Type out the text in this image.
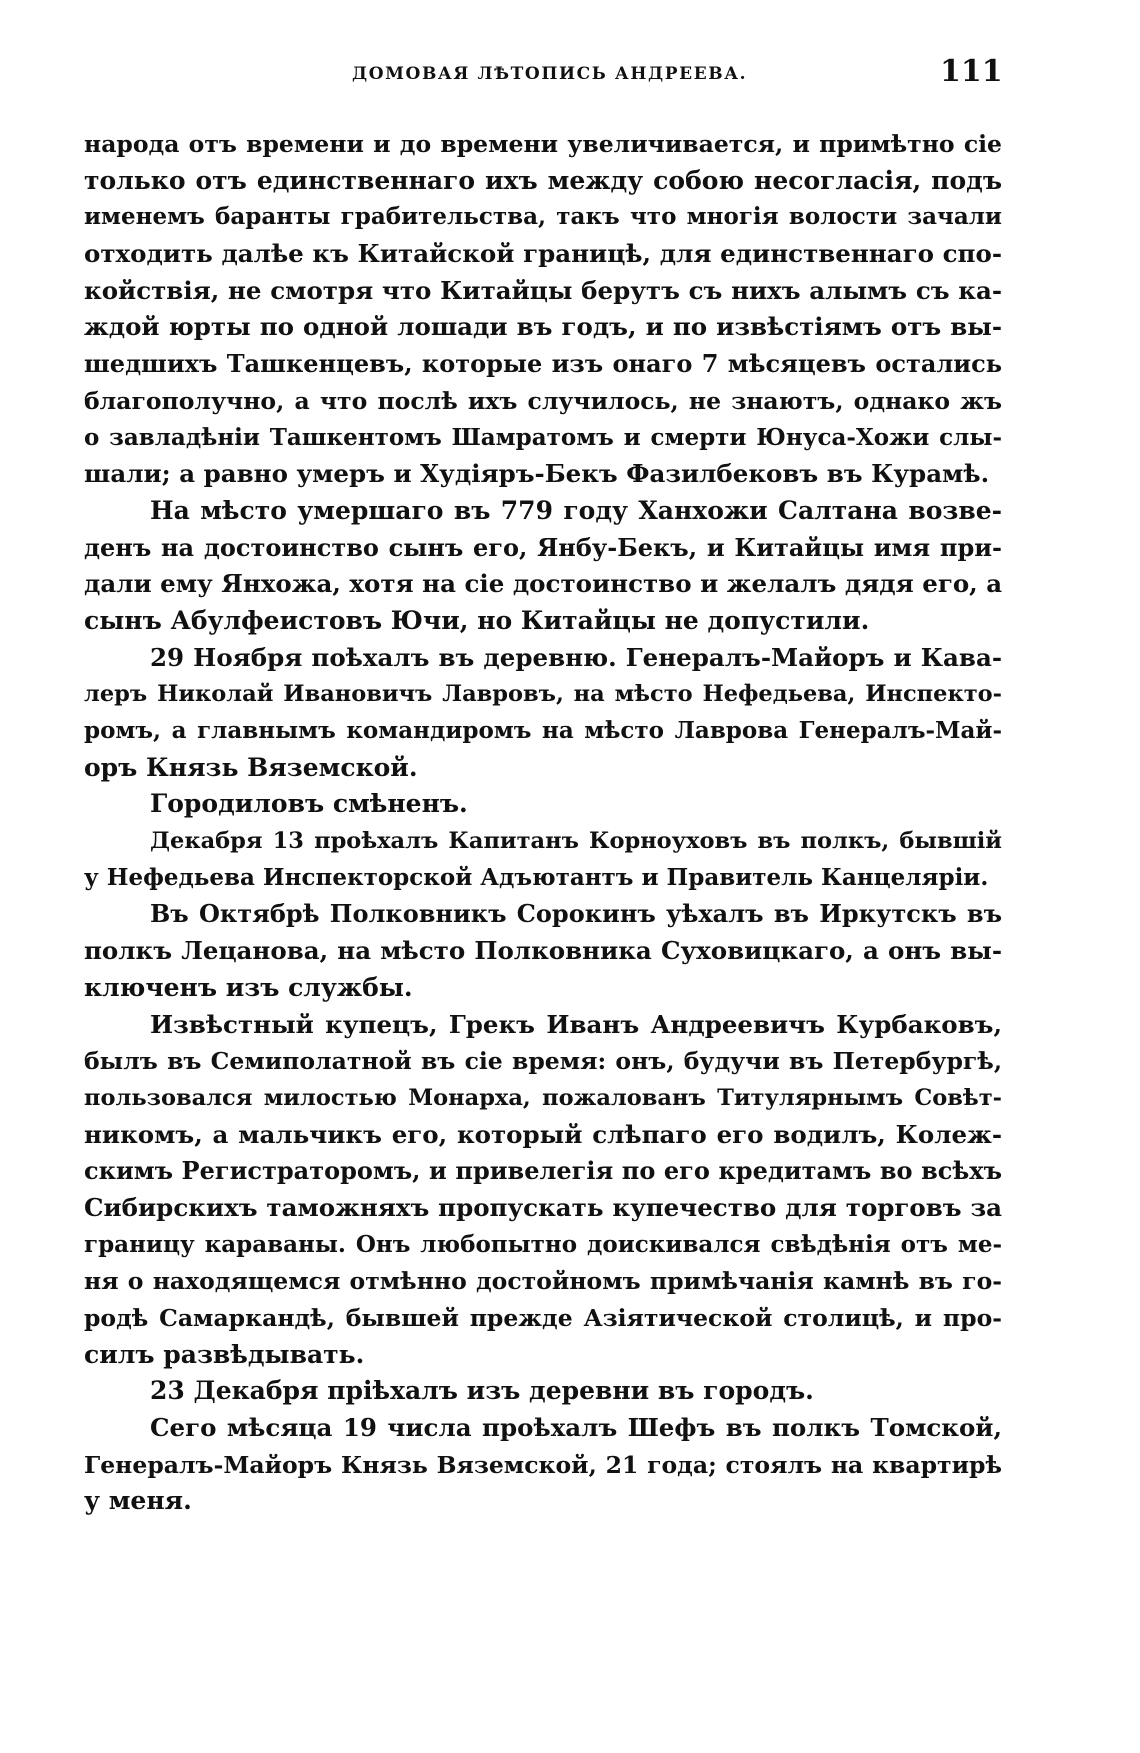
ДОМОВАЯ ЛѢТОПИСЬ АНДРЕЕВА.	111
народа отъ времени и до времени увеличивается, и примѣтно сіе
только отъ единственнаго ихъ между собою несогласія, подъ
именемъ баранты грабительства, такъ что многія волости зачали
отходить далѣе къ Китайской границѣ, для единственнаго спо-
койствія, не смотря что Китайцы берутъ съ нихъ алымъ съ ка-
ждой юрты по одной лошади въ годъ, и по извѣстіямъ отъ вы-
шедшихъ Ташкенцевъ, которые изъ онаго 7 мѣсяцевъ остались
благополучно, а что послѣ ихъ случилось, не знаютъ, однако жъ
о завладѣніи Ташкентомъ Шамратомъ и смерти Юнуса-Хожи слы-
шали; а равно умеръ и Худіяръ-Бекъ Фазилбековъ въ Курамѣ.
На мѣсто умершаго въ 779 году Ханхожи Салтана возве-
денъ на достоинство сынъ его, Янбу-Бекъ, и Китайцы имя при-
дали ему Янхожа, хотя на сіе достоинство и желалъ дядя его, а
сынъ Абулфеистовъ Ючи, но Китайцы не допустили.
29 Ноября поѣхалъ въ деревню. Генералъ-Майоръ и Кава-
леръ Николай Ивановичъ Лавровъ, на мѣсто Нефедьева, Инспекто-
ромъ, а главнымъ командиромъ на мѣсто Лаврова Генералъ-Май-
оръ Князь Вяземской.
Городиловъ смѣненъ.
Декабря 13 проѣхалъ Капитанъ Корноуховъ въ полкъ, бывшій
у Нефедьева Инспекторской Адъютантъ и Правитель Канцеляріи.
Въ Октябрѣ Полковникъ Сорокинъ уѣхалъ въ Иркутскъ въ
полкъ Лецанова, на мѣсто Полковника Суховицкаго, а онъ вы-
ключенъ изъ службы.
Извѣстный купецъ, Грекъ Иванъ Андреевичъ Курбаковъ,
былъ въ Семиполатной въ сіе время: онъ, будучи въ Петербургѣ,
пользовался милостью Монарха, пожалованъ Титулярнымъ Совѣт-
никомъ, а мальчикъ его, который слѣпаго его водилъ, Колеж-
скимъ Регистраторомъ, и привелегія по его кредитамъ во всѣхъ
Сибирскихъ таможняхъ пропускать купечество для торговъ за
границу караваны. Онъ любопытно доискивался свѣдѣнія отъ ме-
ня о находящемся отмѣнно достойномъ примѣчанія камнѣ въ го-
родѣ Самаркандѣ, бывшей прежде Азіятической столицѣ, и про-
силъ развѣдывать.
23 Декабря пріѣхалъ изъ деревни въ городъ.
Сего мѣсяца 19 числа проѣхалъ Шефъ въ полкъ Томской,
Генералъ-Майоръ Князь Вяземской, 21 года; стоялъ на квартирѣ
у меня.
